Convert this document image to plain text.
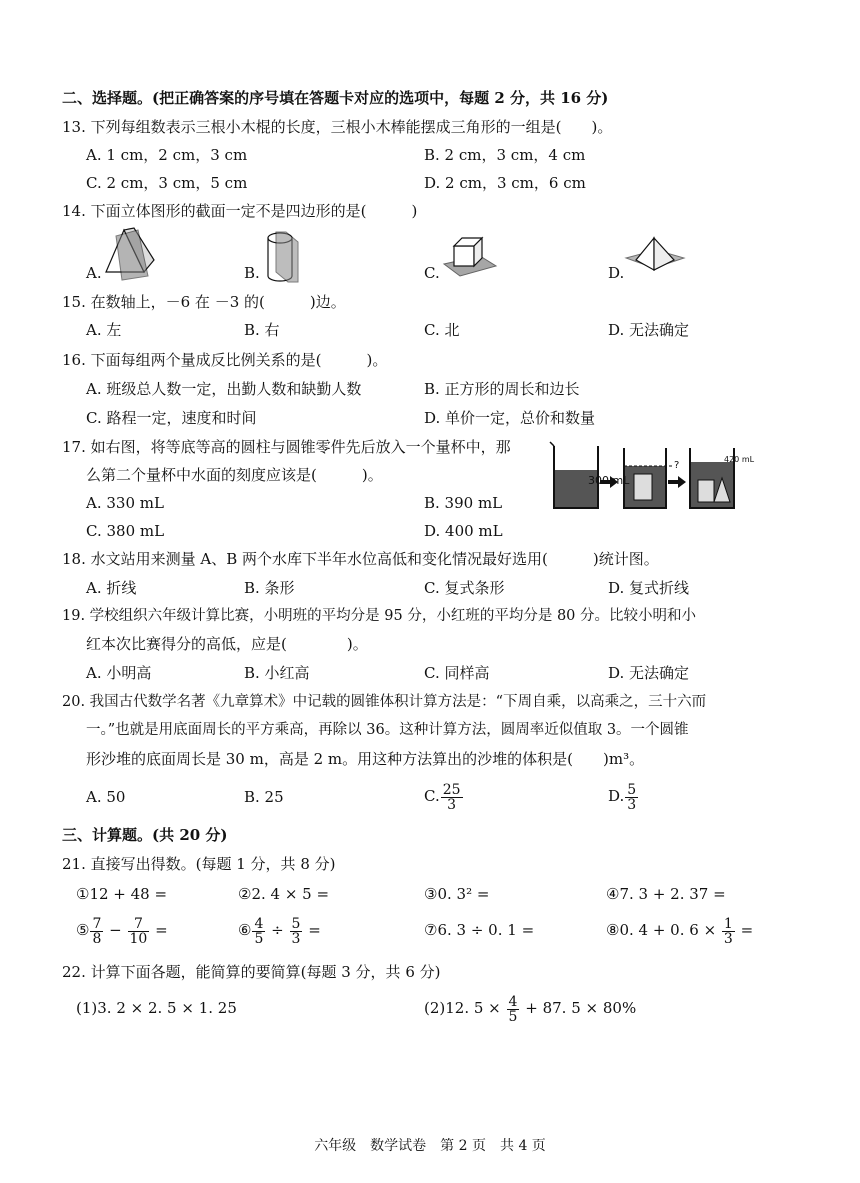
二、选择题。(把正确答案的序号填在答题卡对应的选项中，每题 2 分，共 16 分)
13. 下列每组数表示三根小木棍的长度，三根小木棒能摆成三角形的一组是(　　)。
A. 1 cm，2 cm，3 cm	B. 2 cm，3 cm，4 cm
C. 2 cm，3 cm，5 cm	D. 2 cm，3 cm，6 cm
14. 下面立体图形的截面一定不是四边形的是(　　　)
A.	B.	C.	D.
15. 在数轴上，－6 在 －3 的(　　　)边。
A. 左	B. 右	C. 北	D. 无法确定
16. 下面每组两个量成反比例关系的是(　　　)。
A. 班级总人数一定，出勤人数和缺勤人数	B. 正方形的周长和边长
C. 路程一定，速度和时间	D. 单价一定，总价和数量
17. 如右图，将等底等高的圆柱与圆锥零件先后放入一个量杯中，那
么第二个量杯中水面的刻度应该是(　　　)。
A. 330 mL	B. 390 mL
C. 380 mL	D. 400 mL
300 mL
?
420 mL
18. 水文站用来测量 A、B 两个水库下半年水位高低和变化情况最好选用(　　　)统计图。
A. 折线	B. 条形	C. 复式条形	D. 复式折线
19. 学校组织六年级计算比赛，小明班的平均分是 95 分，小红班的平均分是 80 分。比较小明和小
红本次比赛得分的高低，应是(　　　　)。
A. 小明高	B. 小红高	C. 同样高	D. 无法确定
20. 我国古代数学名著《九章算术》中记载的圆锥体积计算方法是：“下周自乘，以高乘之，三十六而
一。”也就是用底面周长的平方乘高，再除以 36。这种计算方法，圆周率近似值取 3。一个圆锥
形沙堆的底面周长是 30 m，高是 2 m。用这种方法算出的沙堆的体积是(　　)m³。
A. 50	B. 25	C. $\frac{25}{3}$	D. $\frac{5}{3}$
三、计算题。(共 20 分)
21. 直接写出得数。(每题 1 分，共 8 分)
①12 + 48 =	②2. 4 × 5 =	③0. 3² =	④7. 3 + 2. 37 =
⑤ $\frac{7}{8} - \frac{7}{10}$ =	⑥ $\frac{4}{5} \div \frac{5}{3}$ =	⑦6. 3 ÷ 0. 1 =	⑧0. 4 + 0. $6 \times \frac{1}{3}$ =
22. 计算下面各题，能简算的要简算(每题 3 分，共 6 分)
(1)3. 2 × 2. 5 × 1. 25	(2)12. $5 \times \frac{4}{5} + 87$. 5 × 80%
六年级　数学试卷　第 2 页　共 4 页
